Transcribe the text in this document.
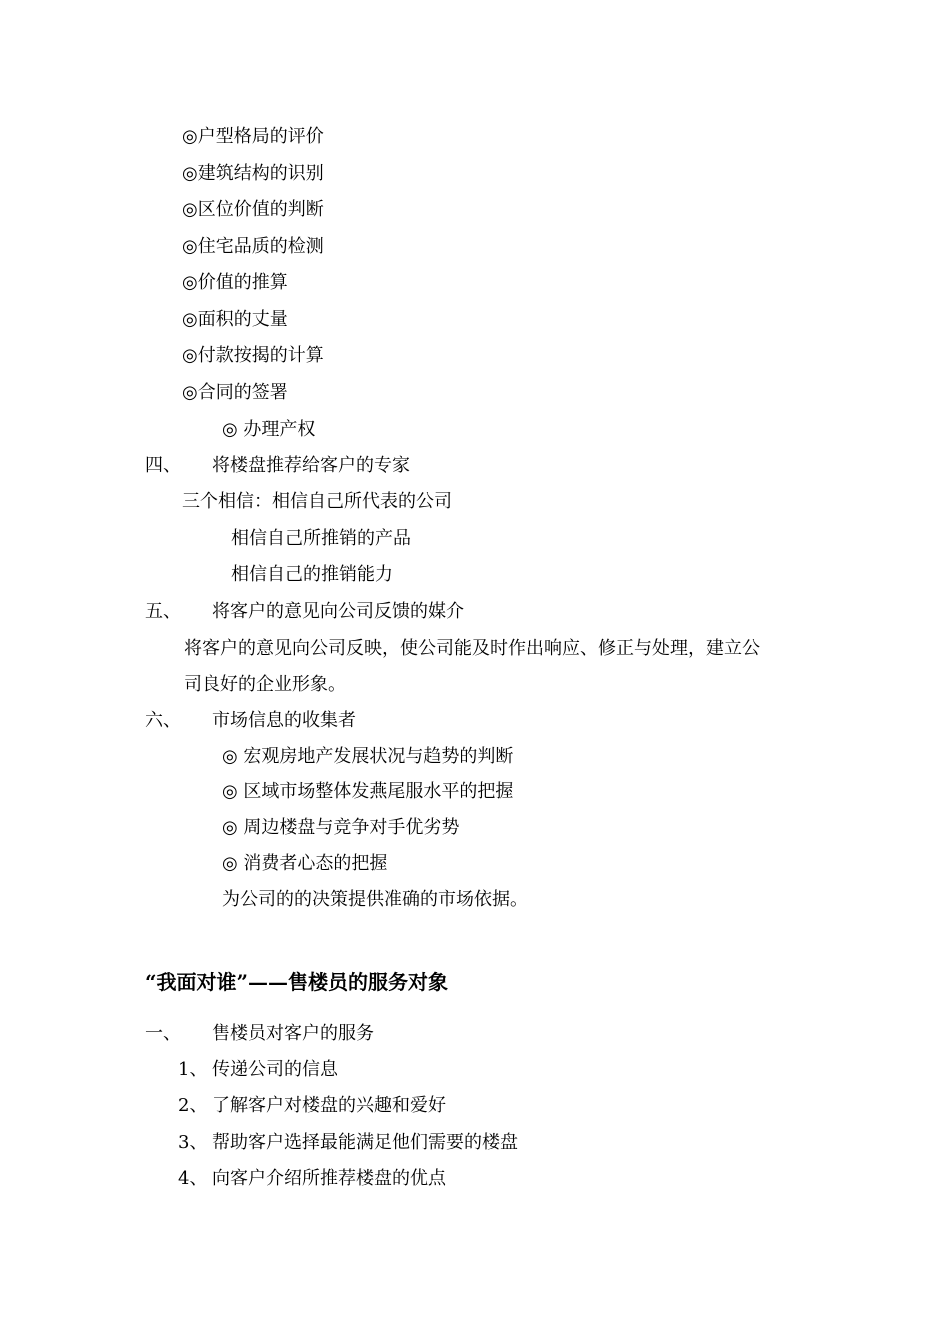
◎户型格局的评价
◎建筑结构的识别
◎区位价值的判断
◎住宅品质的检测
◎价值的推算
◎面积的丈量
◎付款按揭的计算
◎合同的签署
◎ 办理产权
四、 将楼盘推荐给客户的专家
三个相信：相信自己所代表的公司
相信自己所推销的产品
相信自己的推销能力
五、 将客户的意见向公司反馈的媒介
将客户的意见向公司反映，使公司能及时作出响应、修正与处理，建立公
司良好的企业形象。
六、 市场信息的收集者
◎ 宏观房地产发展状况与趋势的判断
◎ 区域市场整体发燕尾服水平的把握
◎ 周边楼盘与竞争对手优劣势
◎ 消费者心态的把握
为公司的的决策提供准确的市场依据。
“我面对谁”——售楼员的服务对象
一、 售楼员对客户的服务
1、 传递公司的信息
2、 了解客户对楼盘的兴趣和爱好
3、 帮助客户选择最能满足他们需要的楼盘
4、 向客户介绍所推荐楼盘的优点
